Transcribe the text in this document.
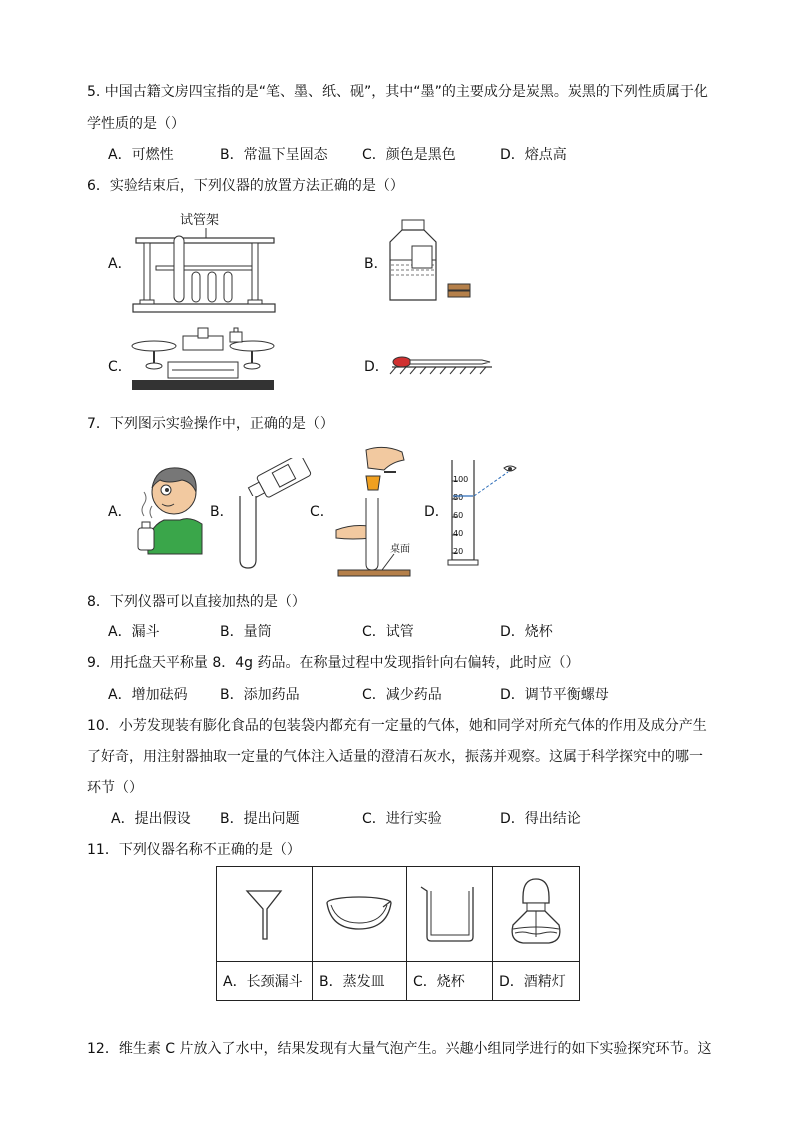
5. 中国古籍文房四宝指的是“笔、墨、纸、砚”，其中“墨”的主要成分是炭黑。炭黑的下列性质属于化
学性质的是（）
A．可燃性	B．常温下呈固态 C．颜色是黑色	D．熔点高
6．实验结束后，下列仪器的放置方法正确的是（）
A．
试管架
B．
C．	D．
7．下列图示实验操作中，正确的是（）
A．	B．	C．
桌面
D．
100
80
60
40
20
8．下列仪器可以直接加热的是（）
A．漏斗	B．量筒	C．试管	D．烧杯
9．用托盘天平称量 8．4g 药品。在称量过程中发现指针向右偏转，此时应（）
A．增加砝码 B．添加药品	C．减少药品	D．调节平衡螺母
10．小芳发现装有膨化食品的包装袋内都充有一定量的气体，她和同学对所充气体的作用及成分产生
了好奇，用注射器抽取一定量的气体注入适量的澄清石灰水，振荡并观察。这属于科学探究中的哪一
环节（）
A．提出假设 B．提出问题	C．进行实验	D．得出结论
11．下列仪器名称不正确的是（）

A．长颈漏斗	B．蒸发皿	C．烧杯	D．酒精灯
12．维生素 C 片放入了水中，结果发现有大量气泡产生。兴趣小组同学进行的如下实验探究环节。这
